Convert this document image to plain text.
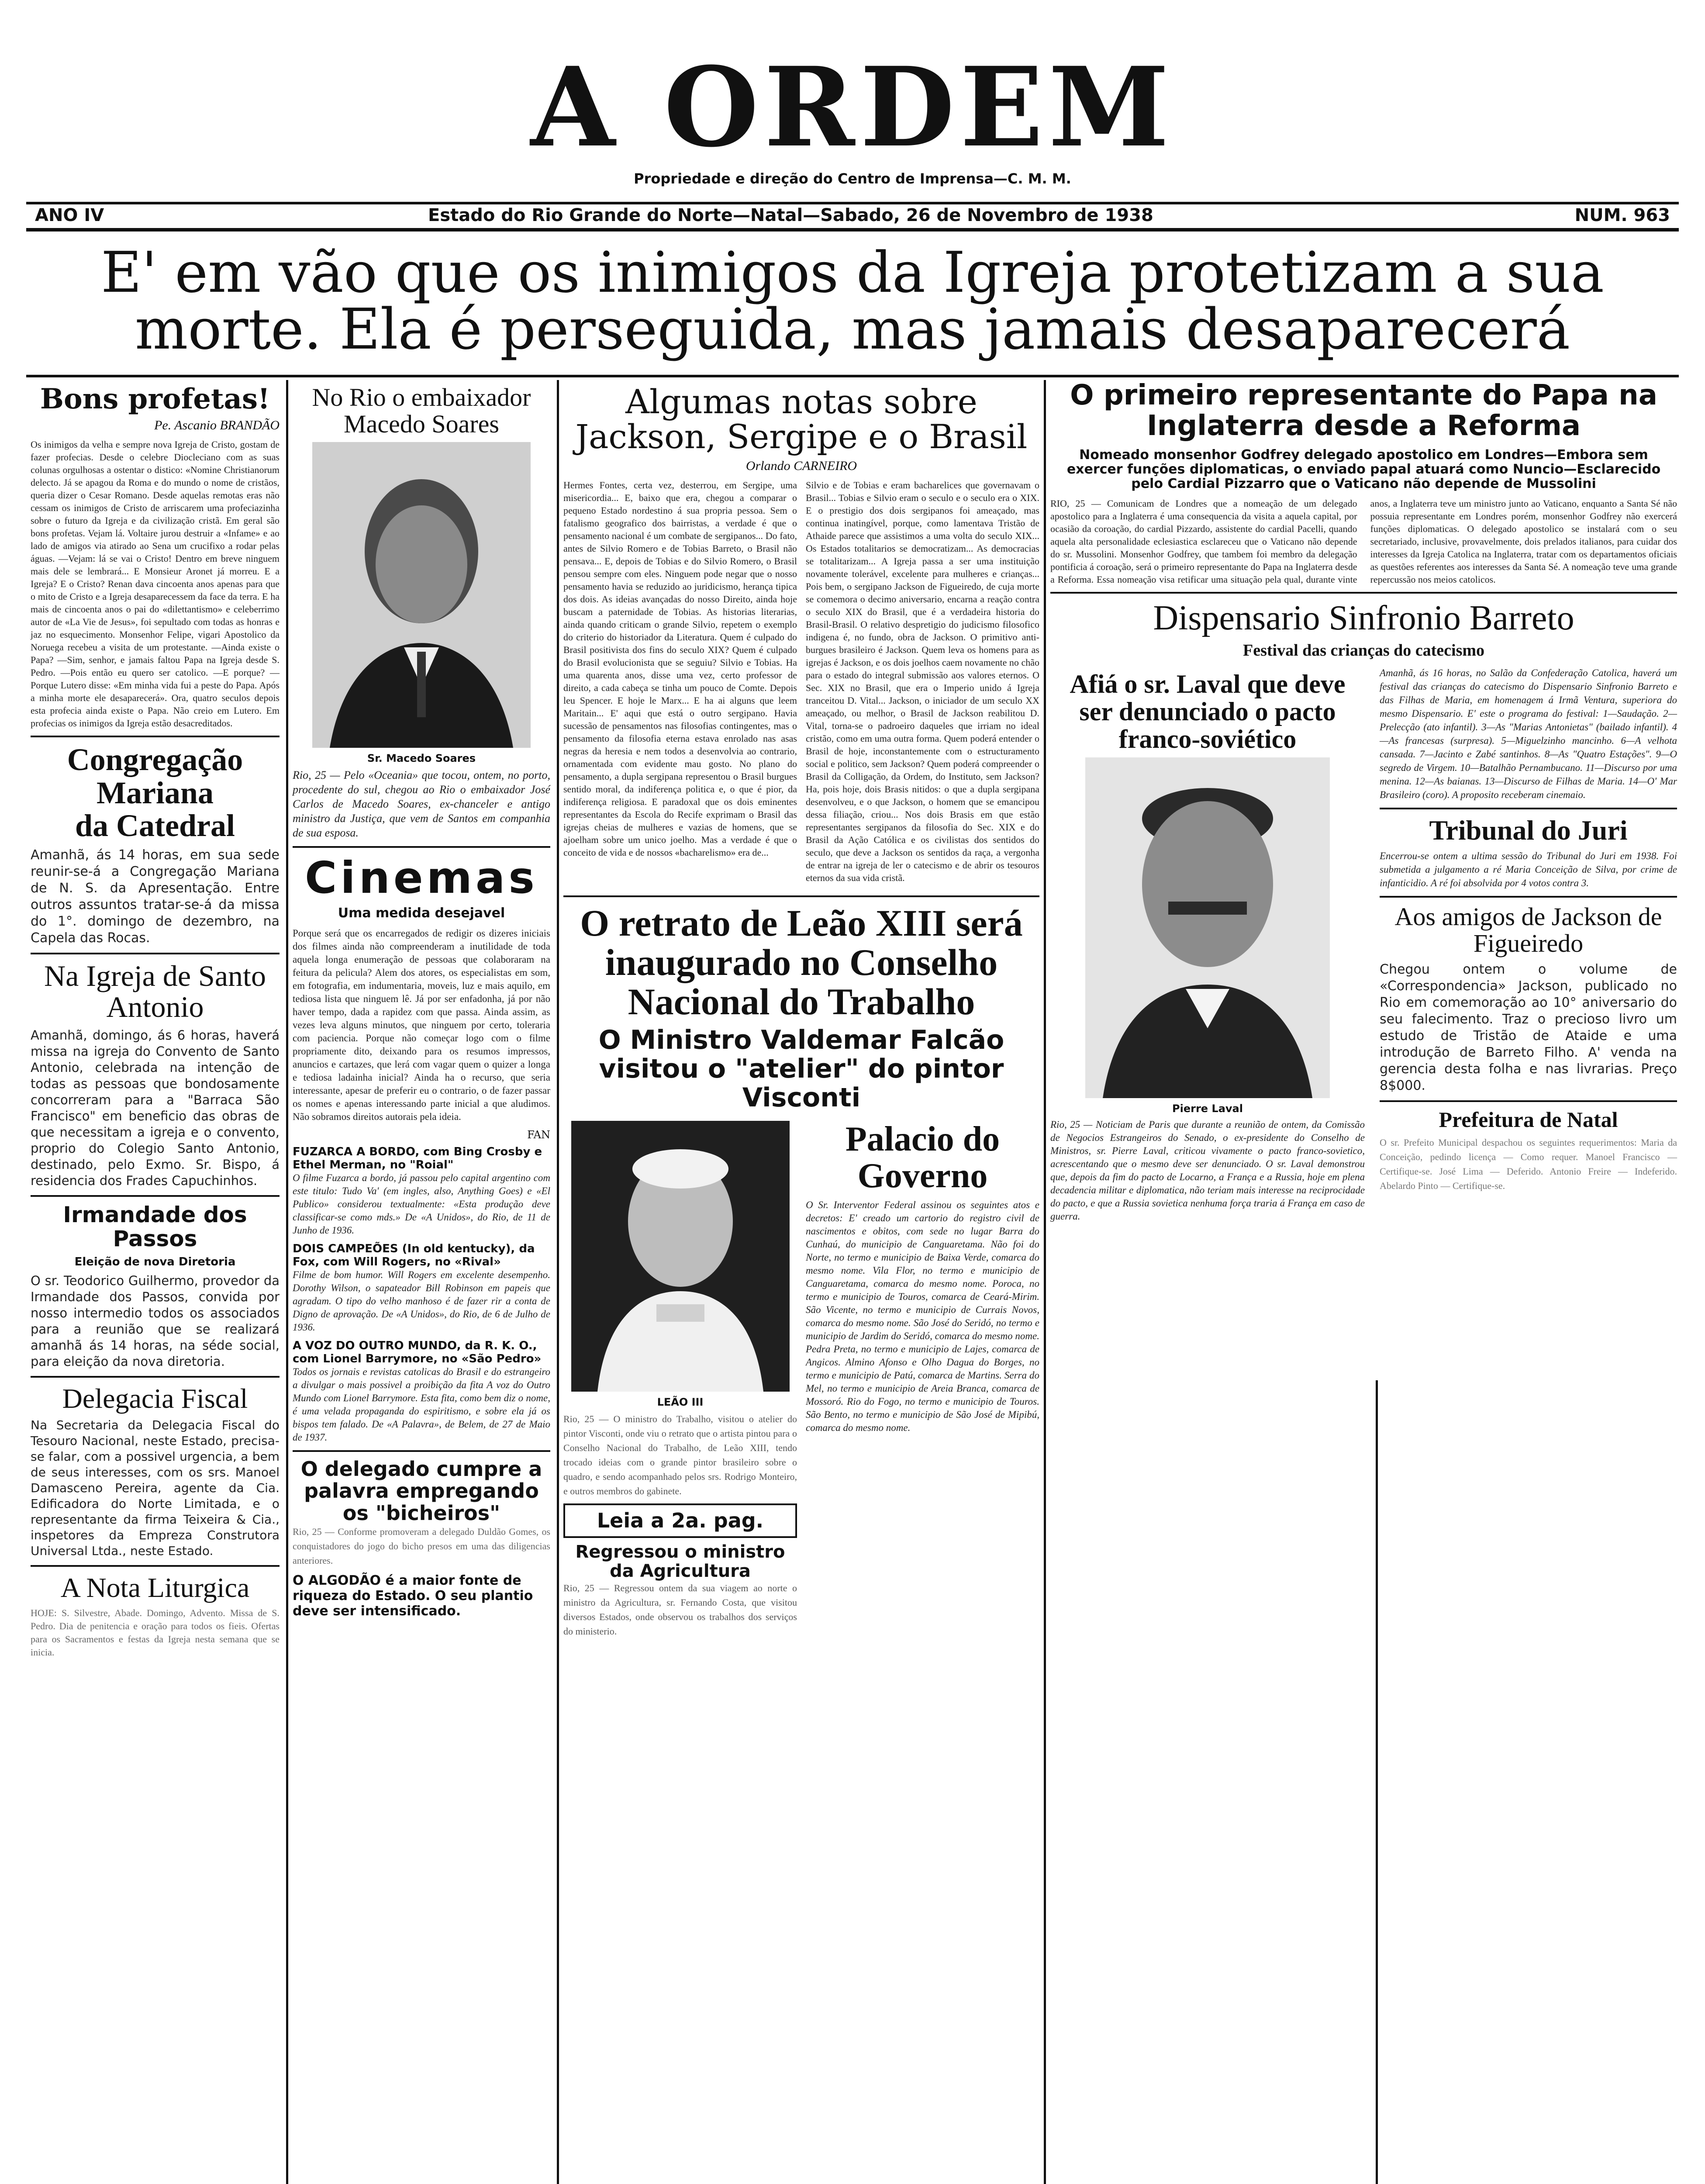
A ORDEM
Propriedade e direção do Centro de Imprensa—C. M. M.
ANO IV	Estado do Rio Grande do Norte—Natal—Sabado, 26 de Novembro de 1938	NUM. 963
E' em vão que os inimigos da Igreja protetizam a sua
morte. Ela é perseguida, mas jamais desaparecerá
Bons profetas!
Pe. Ascanio BRANDÃO

Os inimigos da velha e sempre nova Igreja de Cristo, gostam de fazer profecias. Desde o celebre Diocleciano com as suas colunas orgulhosas a ostentar o distico: «Nomine Christianorum delecto. Já se apagou da Roma e do mundo o nome de cristãos, queria dizer o Cesar Romano. Desde aquelas remotas eras não cessam os inimigos de Cristo de arriscarem uma profeciazinha sobre o futuro da Igreja e da civilização cristã. Em geral são bons profetas. Vejam lá. Voltaire jurou destruir a «Infame» e ao lado de amigos via atirado ao Sena um crucifixo a rodar pelas águas. —Vejam: lá se vai o Cristo! Dentro em breve ninguem mais dele se lembrará... E Monsieur Aronet já morreu. E a Igreja? E o Cristo? Renan dava cincoenta anos apenas para que o mito de Cristo e a Igreja desaparecessem da face da terra. E ha mais de cincoenta anos o pai do «dilettantismo» e celeberrimo autor de «La Vie de Jesus», foi sepultado com todas as honras e jaz no esquecimento. Monsenhor Felipe, vigari Apostolico da Noruega recebeu a visita de um protestante. —Ainda existe o Papa? —Sim, senhor, e jamais faltou Papa na Igreja desde S. Pedro. —Pois então eu quero ser catolico. —E porque? —Porque Lutero disse: «Em minha vida fui a peste do Papa. Após a minha morte ele desaparecerá». Ora, quatro seculos depois esta profecia ainda existe o Papa. Não creio em Lutero. Em profecias os inimigos da Igreja estão desacreditados.

Congregação Mariana
da Catedral

Amanhã, ás 14 horas, em sua sede reunir-se-á a Congregação Mariana de N. S. da Apresentação. Entre outros assuntos tratar-se-á da missa do 1°. domingo de dezembro, na Capela das Rocas.

Na Igreja de Santo Antonio

Amanhã, domingo, ás 6 horas, haverá missa na igreja do Convento de Santo Antonio, celebrada na intenção de todas as pessoas que bondosamente concorreram para a "Barraca São Francisco" em beneficio das obras de que necessitam a igreja e o convento, proprio do Colegio Santo Antonio, destinado, pelo Exmo. Sr. Bispo, á residencia dos Frades Capuchinhos.

Irmandade dos Passos
Eleição de nova Diretoria

O sr. Teodorico Guilhermo, provedor da Irmandade dos Passos, convida por nosso intermedio todos os associados para a reunião que se realizará amanhã ás 14 horas, na séde social, para eleição da nova diretoria.

Delegacia Fiscal

Na Secretaria da Delegacia Fiscal do Tesouro Nacional, neste Estado, precisa-se falar, com a possivel urgencia, a bem de seus interesses, com os srs. Manoel Damasceno Pereira, agente da Cia. Edificadora do Norte Limitada, e o representante da firma Teixeira & Cia., inspetores da Empreza Construtora Universal Ltda., neste Estado.

A Nota Liturgica

HOJE: S. Silvestre, Abade. Domingo, Advento. Missa de S. Pedro. Dia de penitencia e oração para todos os fieis. Ofertas para os Sacramentos e festas da Igreja nesta semana que se inicia.

No Rio o embaixador Macedo Soares
Sr. Macedo Soares

Rio, 25 — Pelo «Oceania» que tocou, ontem, no porto, procedente do sul, chegou ao Rio o embaixador José Carlos de Macedo Soares, ex-chanceler e antigo ministro da Justiça, que vem de Santos em companhia de sua esposa.

Cinemas
Uma medida desejavel

Porque será que os encarregados de redigir os dizeres iniciais dos filmes ainda não compreenderam a inutilidade de toda aquela longa enumeração de pessoas que colaboraram na feitura da pelicula? Alem dos atores, os especialistas em som, em fotografia, em indumentaria, moveis, luz e mais aquilo, em tediosa lista que ninguem lê. Já por ser enfadonha, já por não haver tempo, dada a rapidez com que passa. Ainda assim, as vezes leva alguns minutos, que ninguem por certo, toleraria com paciencia. Porque não começar logo com o filme propriamente dito, deixando para os resumos impressos, anuncios e cartazes, que lerá com vagar quem o quizer a longa e tediosa ladainha inicial? Ainda ha o recurso, que seria interessante, apesar de preferir eu o contrario, o de fazer passar os nomes e apenas interessando parte inicial a que aludimos. Não sobramos direitos autorais pela ideia.

FAN
FUZARCA A BORDO, com Bing Crosby e Ethel Merman, no "Roial"

O filme Fuzarca a bordo, já passou pelo capital argentino com este titulo: Tudo Va' (em ingles, also, Anything Goes) e «El Publico» considerou textualmente: «Esta produção deve classificar-se como mds.» De «A Unidos», do Rio, de 11 de Junho de 1936.

DOIS CAMPEÕES (In old kentucky), da Fox, com Will Rogers, no «Rival»

Filme de bom humor. Will Rogers em excelente desempenho. Dorothy Wilson, o sapateador Bill Robinson em papeis que agradam. O tipo do velho manhoso é de fazer rir a conta de Digno de aprovação. De «A Unidos», do Rio, de 6 de Julho de 1936.

A VOZ DO OUTRO MUNDO, da R. K. O., com Lionel Barrymore, no «São Pedro»

Todos os jornais e revistas catolicas do Brasil e do estrangeiro a divulgar o mais possivel a proibição da fita A voz do Outro Mundo com Lionel Barrymore. Esta fita, como bem diz o nome, é uma velada propaganda do espiritismo, e sobre ela já os bispos tem falado. De «A Palavra», de Belem, de 27 de Maio de 1937.

O delegado cumpre a palavra empregando os "bicheiros"

Rio, 25 — Conforme promoveram a delegado Duldão Gomes, os conquistadores do jogo do bicho presos em uma das diligencias anteriores.

O ALGODÃO é a maior fonte de riqueza do Estado. O seu plantio deve ser intensificado.
Algumas notas sobre Jackson, Sergipe e o Brasil
Orlando CARNEIRO

Hermes Fontes, certa vez, desterrou, em Sergipe, uma misericordia... E, baixo que era, chegou a comparar o pequeno Estado nordestino á sua propria pessoa. Sem o fatalismo geografico dos bairristas, a verdade é que o pensamento nacional é um combate de sergipanos... Do fato, antes de Silvio Romero e de Tobias Barreto, o Brasil não pensava... E, depois de Tobias e do Silvio Romero, o Brasil pensou sempre com eles. Ninguem pode negar que o nosso pensamento havia se reduzido ao juridicismo, herança tipica dos dois. As ideias avançadas do nosso Direito, ainda hoje buscam a paternidade de Tobias. As historias literarias, ainda quando criticam o grande Silvio, repetem o exemplo do criterio do historiador da Literatura. Quem é culpado do Brasil positivista dos fins do seculo XIX? Quem é culpado do Brasil evolucionista que se seguiu? Silvio e Tobias. Ha uma quarenta anos, disse uma vez, certo professor de direito, a cada cabeça se tinha um pouco de Comte. Depois leu Spencer. E hoje le Marx... E ha ai alguns que leem Maritain... E' aqui que está o outro sergipano. Havia sucessão de pensamentos nas filosofias contingentes, mas o pensamento da filosofia eterna estava enrolado nas asas negras da heresia e nem todos a desenvolvia ao contrario, ornamentada com evidente mau gosto. No plano do pensamento, a dupla sergipana representou o Brasil burgues sentido moral, da indiferença politica e, o que é pior, da indiferença religiosa. E paradoxal que os dois eminentes representantes da Escola do Recife exprimam o Brasil das igrejas cheias de mulheres e vazias de homens, que se ajoelham sobre um unico joelho. Mas a verdade é que o conceito de vida e de nossos «bacharelismo» era de...

Silvio e de Tobias e eram bacharelices que governavam o Brasil... Tobias e Silvio eram o seculo e o seculo era o XIX. E o prestigio dos dois sergipanos foi ameaçado, mas continua inatingível, porque, como lamentava Tristão de Athaide parece que assistimos a uma volta do seculo XIX... Os Estados totalitarios se democratizam... As democracias se totalitarizam... A Igreja passa a ser uma instituição novamente tolerável, excelente para mulheres e crianças... Pois bem, o sergipano Jackson de Figueiredo, de cuja morte se comemora o decimo aniversario, encarna a reação contra o seculo XIX do Brasil, que é a verdadeira historia do Brasil-Brasil. O relativo despretigio do judicismo filosofico indigena é, no fundo, obra de Jackson. O primitivo anti-burgues brasileiro é Jackson. Quem leva os homens para as igrejas é Jackson, e os dois joelhos caem novamente no chão para o estado do integral submissão aos valores eternos. O Sec. XIX no Brasil, que era o Imperio unido á Igreja tranceitou D. Vital... Jackson, o iniciador de um seculo XX ameaçado, ou melhor, o Brasil de Jackson reabilitou D. Vital, torna-se o padroeiro daqueles que irriam no ideal cristão, como em uma outra forma. Quem poderá entender o Brasil de hoje, inconstantemente com o estructuramento social e politico, sem Jackson? Quem poderá compreender o Brasil da Colligação, da Ordem, do Instituto, sem Jackson? Ha, pois hoje, dois Brasis nitidos: o que a dupla sergipana desenvolveu, e o que Jackson, o homem que se emancipou dessa filiação, criou... Nos dois Brasis em que estão representantes sergipanos da filosofia do Sec. XIX e do Brasil da Ação Católica e os civilistas dos sentidos do seculo, que deve a Jackson os sentidos da raça, a vergonha de entrar na igreja de ler o catecismo e de abrir os tesouros eternos da sua vida cristã.

O retrato de Leão XIII será inaugurado no Conselho Nacional do Trabalho
O Ministro Valdemar Falcão visitou o "atelier" do pintor Visconti
LEÃO III

Rio, 25 — O ministro do Trabalho, visitou o atelier do pintor Visconti, onde viu o retrato que o artista pintou para o Conselho Nacional do Trabalho, de Leão XIII, tendo trocado ideias com o grande pintor brasileiro sobre o quadro, e sendo acompanhado pelos srs. Rodrigo Monteiro, e outros membros do gabinete.

Leia a 2a. pag.
Regressou o ministro da Agricultura

Rio, 25 — Regressou ontem da sua viagem ao norte o ministro da Agricultura, sr. Fernando Costa, que visitou diversos Estados, onde observou os trabalhos dos serviços do ministerio.

Palacio do Governo

O Sr. Interventor Federal assinou os seguintes atos e decretos: E' creado um cartorio do registro civil de nascimentos e obitos, com sede no lugar Barra do Cunhaú, do municipio de Canguaretama. Não foi do Norte, no termo e municipio de Baixa Verde, comarca do mesmo nome. Vila Flor, no termo e municipio de Canguaretama, comarca do mesmo nome. Poroca, no termo e municipio de Touros, comarca de Ceará-Mirim. São Vicente, no termo e municipio de Currais Novos, comarca do mesmo nome. São José do Seridó, no termo e municipio de Jardim do Seridó, comarca do mesmo nome. Pedra Preta, no termo e municipio de Lajes, comarca de Angicos. Almino Afonso e Olho Dagua do Borges, no termo e municipio de Patú, comarca de Martins. Serra do Mel, no termo e municipio de Areia Branca, comarca de Mossoró. Rio do Fogo, no termo e municipio de Touros. São Bento, no termo e municipio de São José de Mipibú, comarca do mesmo nome.

O primeiro representante do Papa na Inglaterra desde a Reforma
Nomeado monsenhor Godfrey delegado apostolico em Londres—Embora sem exercer funções diplomaticas, o enviado papal atuará como Nuncio—Esclarecido pelo Cardial Pizzarro que o Vaticano não depende de Mussolini

RIO, 25 — Comunicam de Londres que a nomeação de um delegado apostolico para a Inglaterra é uma consequencia da visita a aquela capital, por ocasião da coroação, do cardial Pizzardo, assistente do cardial Pacelli, quando aquela alta personalidade eclesiastica esclareceu que o Vaticano não depende do sr. Mussolini. Monsenhor Godfrey, que tambem foi membro da delegação pontificia á coroação, será o primeiro representante do Papa na Inglaterra desde a Reforma. Essa nomeação visa retificar uma situação pela qual, durante vinte anos, a Inglaterra teve um ministro junto ao Vaticano, enquanto a Santa Sé não possuia representante em Londres porém, monsenhor Godfrey não exercerá funções diplomaticas. O delegado apostolico se instalará com o seu secretariado, inclusive, provavelmente, dois prelados italianos, para cuidar dos interesses da Igreja Catolica na Inglaterra, tratar com os departamentos oficiais as questões referentes aos interesses da Santa Sé. A nomeação teve uma grande repercussão nos meios catolicos.

Dispensario Sinfronio Barreto
Festival das crianças do catecismo
Afiá o sr. Laval que deve ser denunciado o pacto franco-soviético
Pierre Laval

Rio, 25 — Noticiam de Paris que durante a reunião de ontem, da Comissão de Negocios Estrangeiros do Senado, o ex-presidente do Conselho de Ministros, sr. Pierre Laval, criticou vivamente o pacto franco-sovietico, acrescentando que o mesmo deve ser denunciado. O sr. Laval demonstrou que, depois da fim do pacto de Locarno, a França e a Russia, hoje em plena decadencia militar e diplomatica, não teriam mais interesse na reciprocidade do pacto, e que a Russia sovietica nenhuma força traria á França em caso de guerra.

Amanhã, ás 16 horas, no Salão da Confederação Catolica, haverá um festival das crianças do catecismo do Dispensario Sinfronio Barreto e das Filhas de Maria, em homenagem á Irmã Ventura, superiora do mesmo Dispensario. E' este o programa do festival: 1—Saudação. 2—Prelecção (ato infantil). 3—As "Marias Antonietas" (bailado infantil). 4—As francesas (surpresa). 5—Miguelzinho mancinho. 6—A velhota cansada. 7—Jacinto e Zabé santinhos. 8—As "Quatro Estações". 9—O segredo de Virgem. 10—Batalhão Pernambucano. 11—Discurso por uma menina. 12—As baianas. 13—Discurso de Filhas de Maria. 14—O' Mar Brasileiro (coro). A proposito receberam cinemaio.

Tribunal do Juri

Encerrou-se ontem a ultima sessão do Tribunal do Juri em 1938. Foi submetida a julgamento a ré Maria Conceição de Silva, por crime de infanticidio. A ré foi absolvida por 4 votos contra 3.

Aos amigos de Jackson de Figueiredo

Chegou ontem o volume de «Correspondencia» Jackson, publicado no Rio em comemoração ao 10° aniversario do seu falecimento. Traz o precioso livro um estudo de Tristão de Ataide e uma introdução de Barreto Filho. A' venda na gerencia desta folha e nas livrarias. Preço 8$000.

Prefeitura de Natal

O sr. Prefeito Municipal despachou os seguintes requerimentos: Maria da Conceição, pedindo licença — Como requer. Manoel Francisco — Certifique-se. José Lima — Deferido. Antonio Freire — Indeferido. Abelardo Pinto — Certifique-se.
